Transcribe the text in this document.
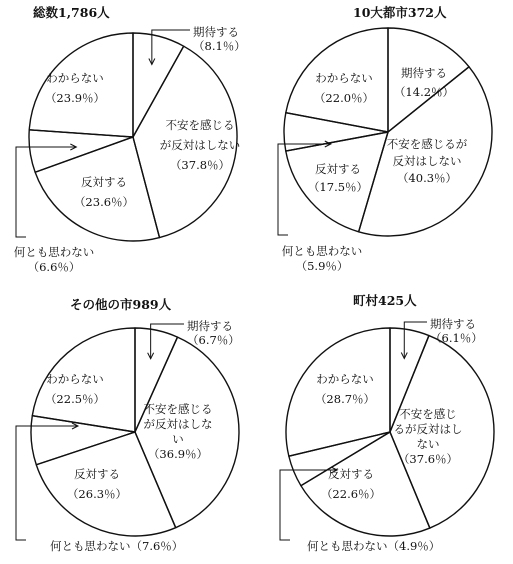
総数1,786人
期待する
（8.1％）
不安を感じる
が反対はしない
（37.8％）
反対する
（23.6％）
何とも思わない
（6.6％）
わからない
（23.9％）
10大都市372人
期待する
（14.2％）
不安を感じるが
反対はしない
（40.3％）
反対する
（17.5％）
何とも思わない
（5.9％）
わからない
（22.0％）
その他の市989人
期待する
（6.7％）
不安を感じる
が反対はしな
い
（36.9％）
反対する
（26.3％）
何とも思わない（7.6％）
わからない
（22.5％）
町村425人
期待する
（6.1％）
不安を感じ
るが反対はし
ない
（37.6％）
反対する
（22.6％）
何とも思わない（4.9％）
わからない
（28.7％）
